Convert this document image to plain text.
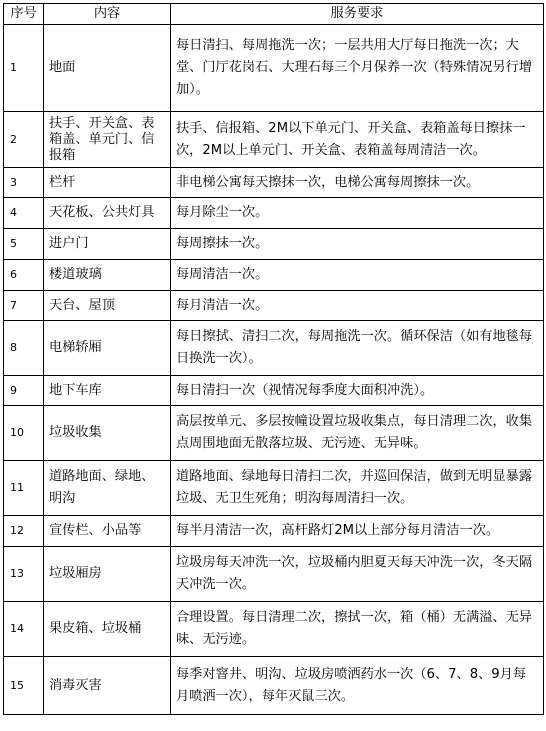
序号	内容	服务要求
1	地面	每日清扫、每周拖洗一次；一层共用大厅每日拖洗一次；大堂、门厅花岗石、大理石每三个月保养一次（特殊情况另行增加）。
2	扶手、开关盒、表箱盖、单元门、信报箱	扶手、信报箱、2M以下单元门、开关盒、表箱盖每日擦抹一次，2M以上单元门、开关盒、表箱盖每周清洁一次。
3	栏杆	非电梯公寓每天擦抹一次，电梯公寓每周擦抹一次。
4	天花板、公共灯具	每月除尘一次。
5	进户门	每周擦抹一次。
6	楼道玻璃	每周清洁一次。
7	天台、屋顶	每月清洁一次。
8	电梯轿厢	每日擦拭、清扫二次，每周拖洗一次。循环保洁（如有地毯每日换洗一次）。
9	地下车库	每日清扫一次（视情况每季度大面积冲洗）。
10	垃圾收集	高层按单元、多层按幢设置垃圾收集点，每日清理二次，收集点周围地面无散落垃圾、无污迹、无异味。
11	道路地面、绿地、明沟	道路地面、绿地每日清扫二次，并巡回保洁，做到无明显暴露垃圾、无卫生死角；明沟每周清扫一次。
12	宣传栏、小品等	每半月清洁一次，高杆路灯2M以上部分每月清洁一次。
13	垃圾厢房	垃圾房每天冲洗一次，垃圾桶内胆夏天每天冲洗一次，冬天隔天冲洗一次。
14	果皮箱、垃圾桶	合理设置。每日清理二次，擦拭一次，箱（桶）无满溢、无异味、无污迹。
15	消毒灭害	每季对窨井、明沟、垃圾房喷洒药水一次（6、7、8、9月每月喷洒一次），每年灭鼠三次。
